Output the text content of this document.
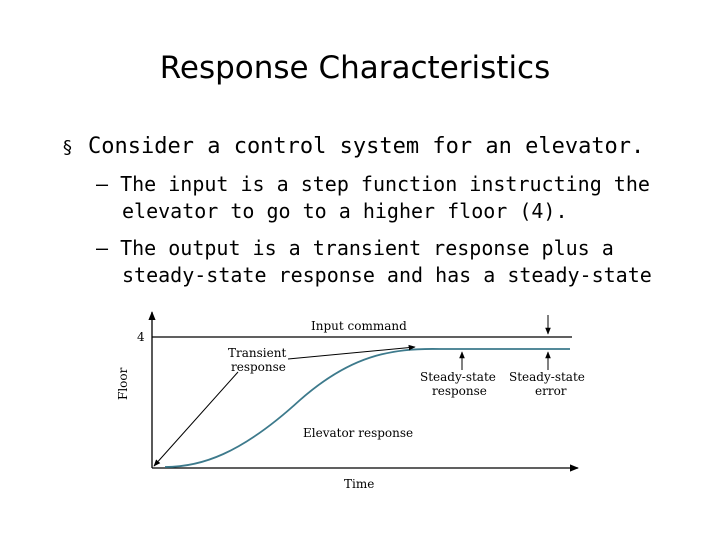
Response Characteristics
§ Consider a control system for an elevator.
– The input is a step function instructing the
elevator to go to a higher floor (4).
– The output is a transient response plus a
steady-state response and has a steady-state
4
Floor
Time
Input command
Transient
response
Elevator response
Steady-state
response
Steady-state
error
